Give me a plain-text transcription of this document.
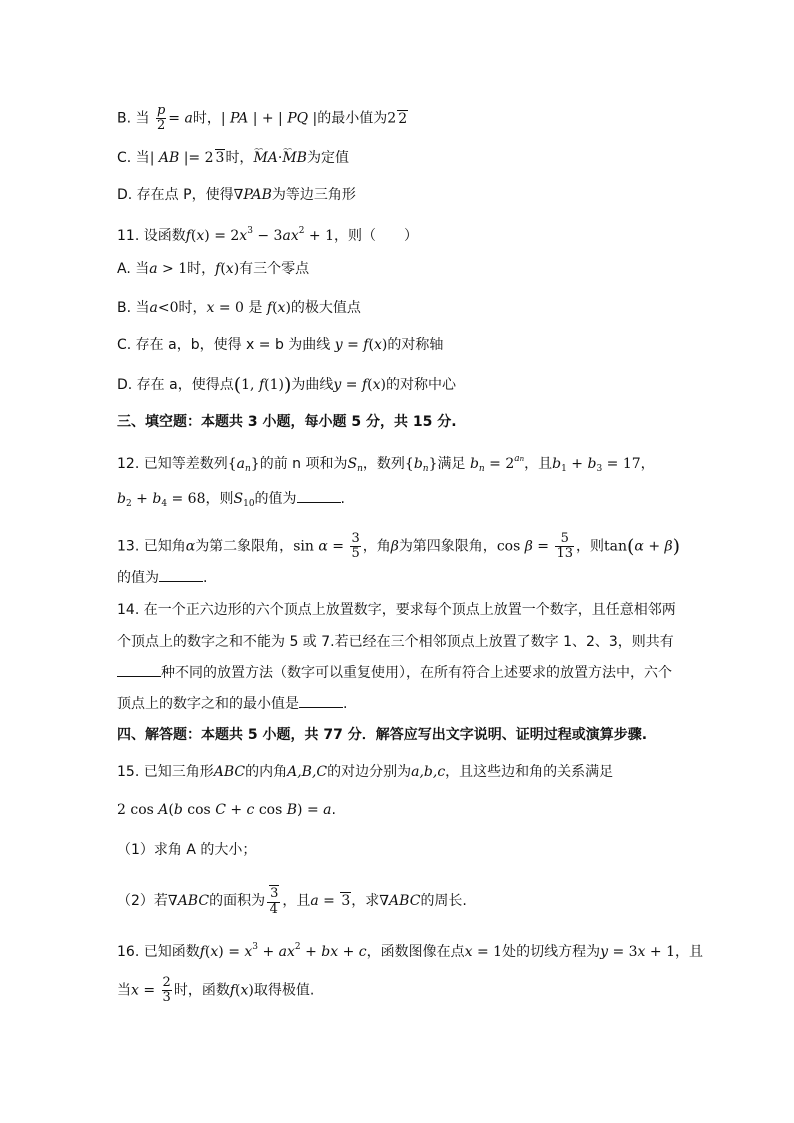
B. 当 $\frac{p}{2} = a$时，| PA | + | PQ |的最小值为2 2
C. 当| AB |= 2 3时，⌢⌢ MA·⌢⌢ MB为定值
D. 存在点 P，使得∇PAB为等边三角形
11. 设函数$f(x) = 2x^3 - 3ax^2 + 1$，则（　　）
A. 当a > 1时，f(x)有三个零点
B. 当a<0时，x = 0 是 f(x)的极大值点
C. 存在 a，b，使得 x = b 为曲线 y = f(x)的对称轴
D. 存在 a，使得点(1, f(1))为曲线y = f(x)的对称中心
三、填空题：本题共 3 小题，每小题 5 分，共 15 分.
12. 已知等差数列$\{a_n\}$的前 n 项和为$S_n$，数列$\{b_n\}$满足 $b_n = 2^{an}$，且$b_1 + b_3 = 17$，
$b_2 + b_4 = 68$，则$S_{10}$的值为	.
13. 已知角α为第二象限角，$\sin \alpha = \frac{3}{5}$ ，角β为第四象限角，$\cos \beta = \frac{5}{13}$ ，则tan(α + β)
的值为	.
14. 在一个正六边形的六个顶点上放置数字，要求每个顶点上放置一个数字，且任意相邻两
个顶点上的数字之和不能为 5 或 7.若已经在三个相邻顶点上放置了数字 1、2、3，则共有
种不同的放置方法（数字可以重复使用），在所有符合上述要求的放置方法中，六个
顶点上的数字之和的最小值是	.
四、解答题：本题共 5 小题，共 77 分．解答应写出文字说明、证明过程或演算步骤.
15. 已知三角形ABC的内角A,B,C的对边分别为a,b,c，且这些边和角的关系满足
2 cos A(b cos C + c cos B) = a.
（1）求角 A 的大小；
（2）若∇ABC的面积为 $\frac{3}{4}$ ，且a = 3，求∇ABC的周长.
16. 已知函数$f(x) = x^3 + ax^2$ + bx + c，函数图像在点x = 1处的切线方程为y = 3x + 1，且
当$x = \frac{2}{3}$ 时，函数f(x)取得极值.
